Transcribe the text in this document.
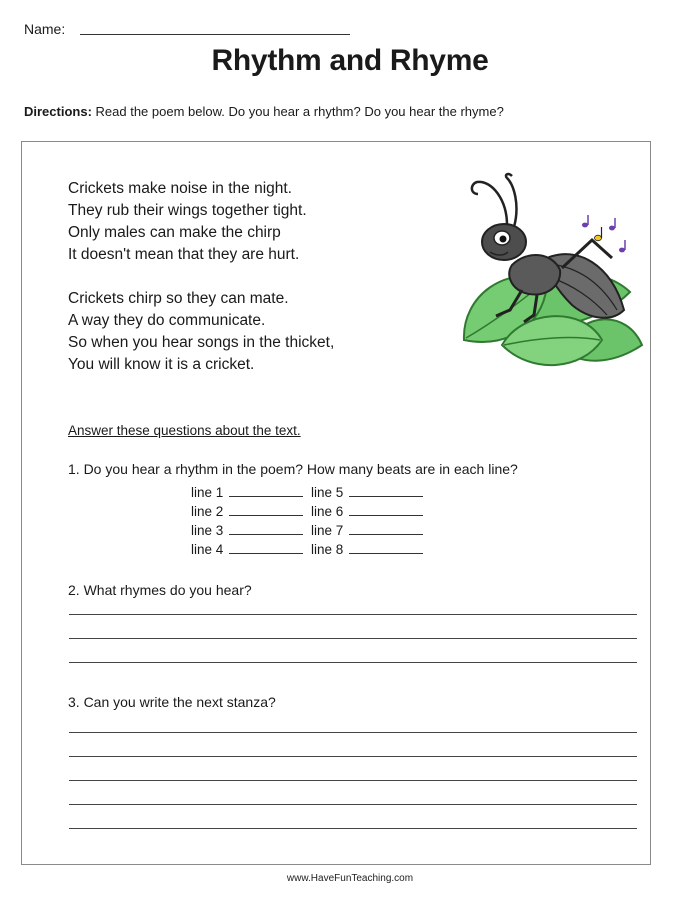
Name:
Rhythm and Rhyme
Directions: Read the poem below. Do you hear a rhythm? Do you hear the rhyme?
Crickets make noise in the night.
They rub their wings together tight.
Only males can make the chirp
It doesn't mean that they are hurt.
Crickets chirp so they can mate.
A way they do communicate.
So when you hear songs in the thicket,
You will know it is a cricket.
Answer these questions about the text.
1. Do you hear a rhythm in the poem? How many beats are in each line?
line 1	line 5
line 2	line 6
line 3	line 7
line 4	line 8
2. What rhymes do you hear?
3. Can you write the next stanza?
www.HaveFunTeaching.com
